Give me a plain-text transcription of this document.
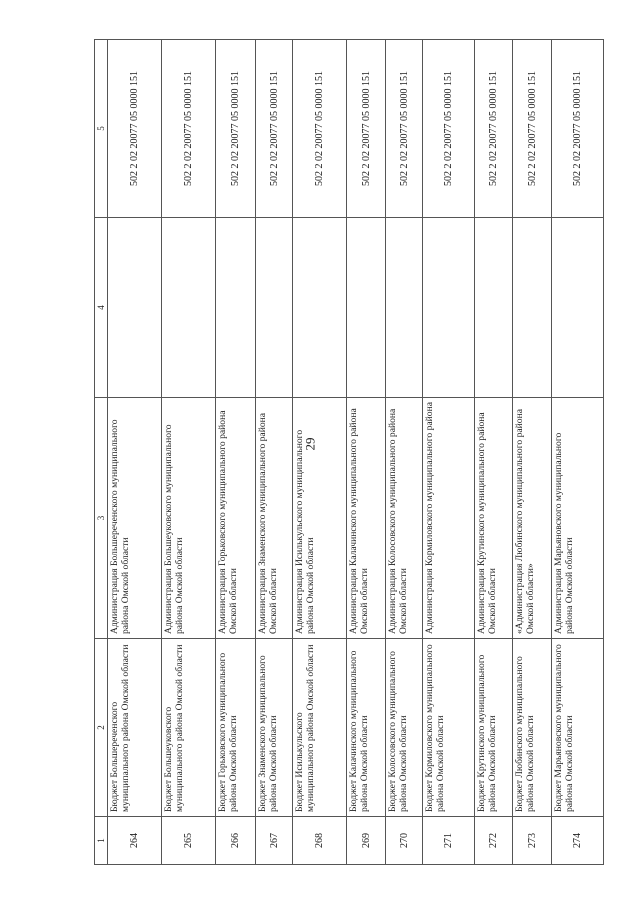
29
1	2	3	4	5
264	Бюджет Большереченского муниципального района Омской области	Администрация Большереченского муниципального района Омской области		502 2 02 20077 05 0000 151
265	Бюджет Большеуковского муниципального района Омской области	Администрация Большеуковского муниципального района Омской области		502 2 02 20077 05 0000 151
266	Бюджет Горьковского муниципального района Омской области	Администрация Горьковского муниципального района Омской области		502 2 02 20077 05 0000 151
267	Бюджет Знаменского муниципального района Омской области	Администрация Знаменского муниципального района Омской области		502 2 02 20077 05 0000 151
268	Бюджет Исилькульского муниципального района Омской области	Администрация Исилькульского муниципального района Омской области		502 2 02 20077 05 0000 151
269	Бюджет Калачинского муниципального района Омской области	Администрация Калачинского муниципального района Омской области		502 2 02 20077 05 0000 151
270	Бюджет Колосовского муниципального района Омской области	Администрация Колосовского муниципального района Омской области		502 2 02 20077 05 0000 151
271	Бюджет Кормиловского муниципального района Омской области	Администрация Кормиловского муниципального района		502 2 02 20077 05 0000 151
272	Бюджет Крутинского муниципального района Омской области	Администрация Крутинского муниципального района Омской области		502 2 02 20077 05 0000 151
273	Бюджет Любинского муниципального района Омской области	«Администрация Любинского муниципального района Омской области»		502 2 02 20077 05 0000 151
274	Бюджет Марьяновского муниципального района Омской области	Администрация Марьяновского муниципального района Омской области		502 2 02 20077 05 0000 151
